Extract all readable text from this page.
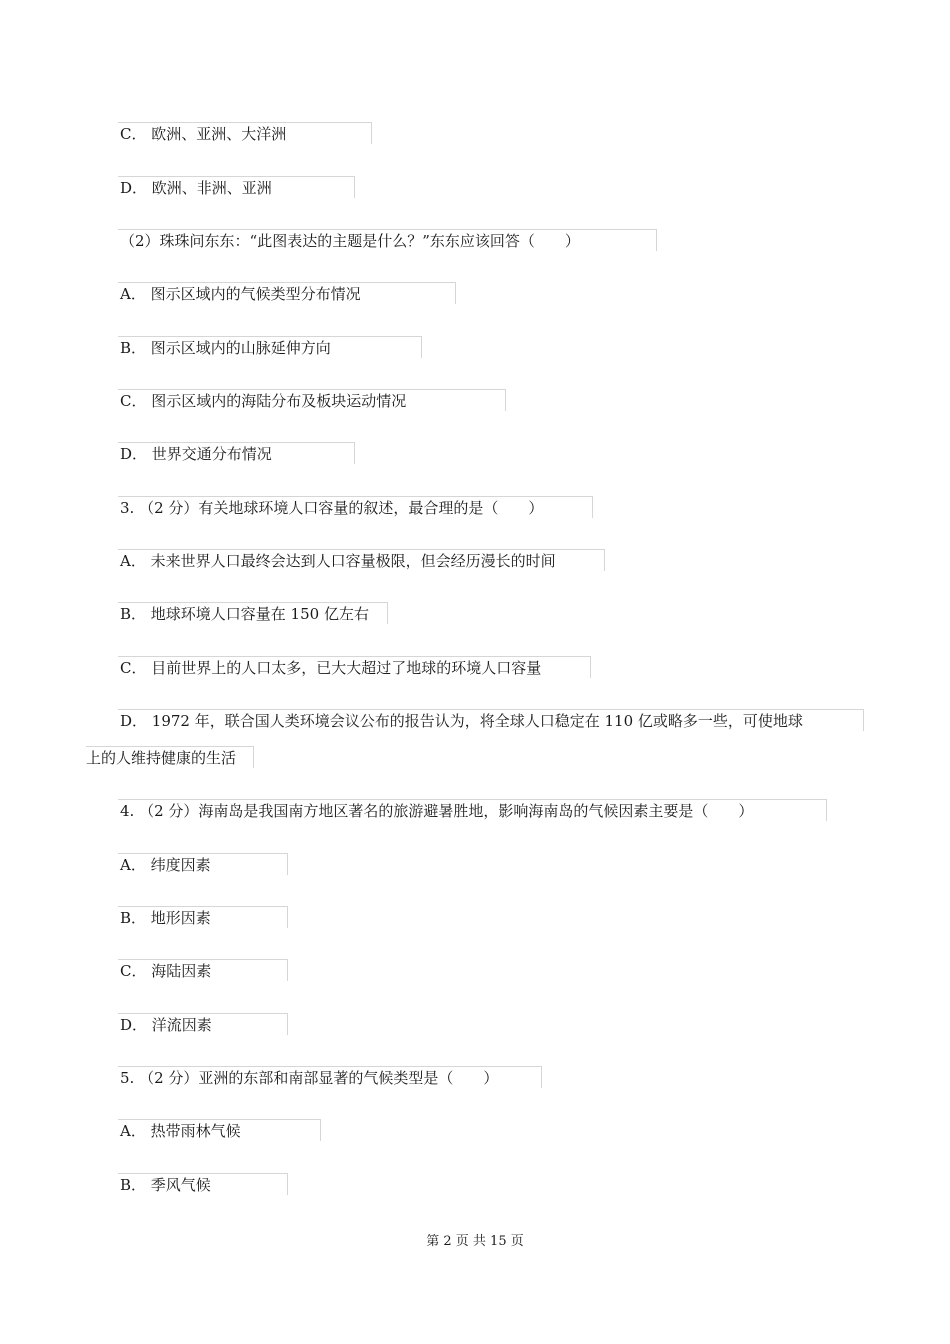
C． 欧洲、亚洲、大洋洲
D． 欧洲、非洲、亚洲
（2）珠珠问东东：“此图表达的主题是什么？”东东应该回答（　　）
A． 图示区域内的气候类型分布情况
B． 图示区域内的山脉延伸方向
C． 图示区域内的海陆分布及板块运动情况
D． 世界交通分布情况
3. （2 分）有关地球环境人口容量的叙述，最合理的是（　　）
A． 未来世界人口最终会达到人口容量极限，但会经历漫长的时间
B． 地球环境人口容量在 150 亿左右
C． 目前世界上的人口太多，已大大超过了地球的环境人口容量
D． 1972 年，联合国人类环境会议公布的报告认为，将全球人口稳定在 110 亿或略多一些，可使地球
上的人维持健康的生活
4. （2 分）海南岛是我国南方地区著名的旅游避暑胜地，影响海南岛的气候因素主要是（　　）
A． 纬度因素
B． 地形因素
C． 海陆因素
D． 洋流因素
5. （2 分）亚洲的东部和南部显著的气候类型是（　　）
A． 热带雨林气候
B． 季风气候
第 2 页 共 15 页
